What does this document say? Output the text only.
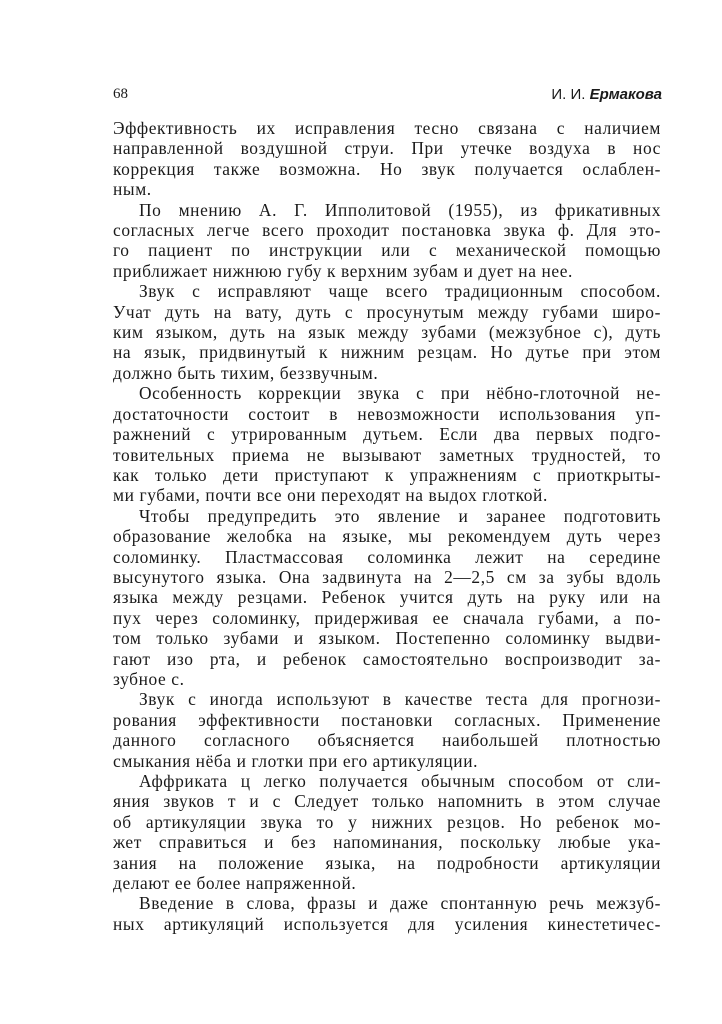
68	И. И. Ермакова

Эффективность их исправления тесно связана с наличием
направленной воздушной струи. При утечке воздуха в нос
коррекция также возможна. Но звук получается ослаблен-
ным.

По мнению А. Г. Ипполитовой (1955), из фрикативных
согласных легче всего проходит постановка звука ф. Для это-
го пациент по инструкции или с механической помощью
приближает нижнюю губу к верхним зубам и дует на нее.

Звук с исправляют чаще всего традиционным способом.
Учат дуть на вату, дуть с просунутым между губами широ-
ким языком, дуть на язык между зубами (межзубное с), дуть
на язык, придвинутый к нижним резцам. Но дутье при этом
должно быть тихим, беззвучным.

Особенность коррекции звука с при нёбно-глоточной не-
достаточности состоит в невозможности использования уп-
ражнений с утрированным дутьем. Если два первых подго-
товительных приема не вызывают заметных трудностей, то
как только дети приступают к упражнениям с приоткрыты-
ми губами, почти все они переходят на выдох глоткой.

Чтобы предупредить это явление и заранее подготовить
образование желобка на языке, мы рекомендуем дуть через
соломинку. Пластмассовая соломинка лежит на середине
высунутого языка. Она задвинута на 2—2,5 см за зубы вдоль
языка между резцами. Ребенок учится дуть на руку или на
пух через соломинку, придерживая ее сначала губами, а по-
том только зубами и языком. Постепенно соломинку выдви-
гают изо рта, и ребенок самостоятельно воспроизводит за-
зубное с.

Звук с иногда используют в качестве теста для прогнози-
рования эффективности постановки согласных. Применение
данного согласного объясняется наибольшей плотностью
смыкания нёба и глотки при его артикуляции.

Аффриката ц легко получается обычным способом от сли-
яния звуков т и с Следует только напомнить в этом случае
об артикуляции звука то у нижних резцов. Но ребенок мо-
жет справиться и без напоминания, поскольку любые ука-
зания на положение языка, на подробности артикуляции
делают ее более напряженной.

Введение в слова, фразы и даже спонтанную речь межзуб-
ных артикуляций используется для усиления кинестетичес-
